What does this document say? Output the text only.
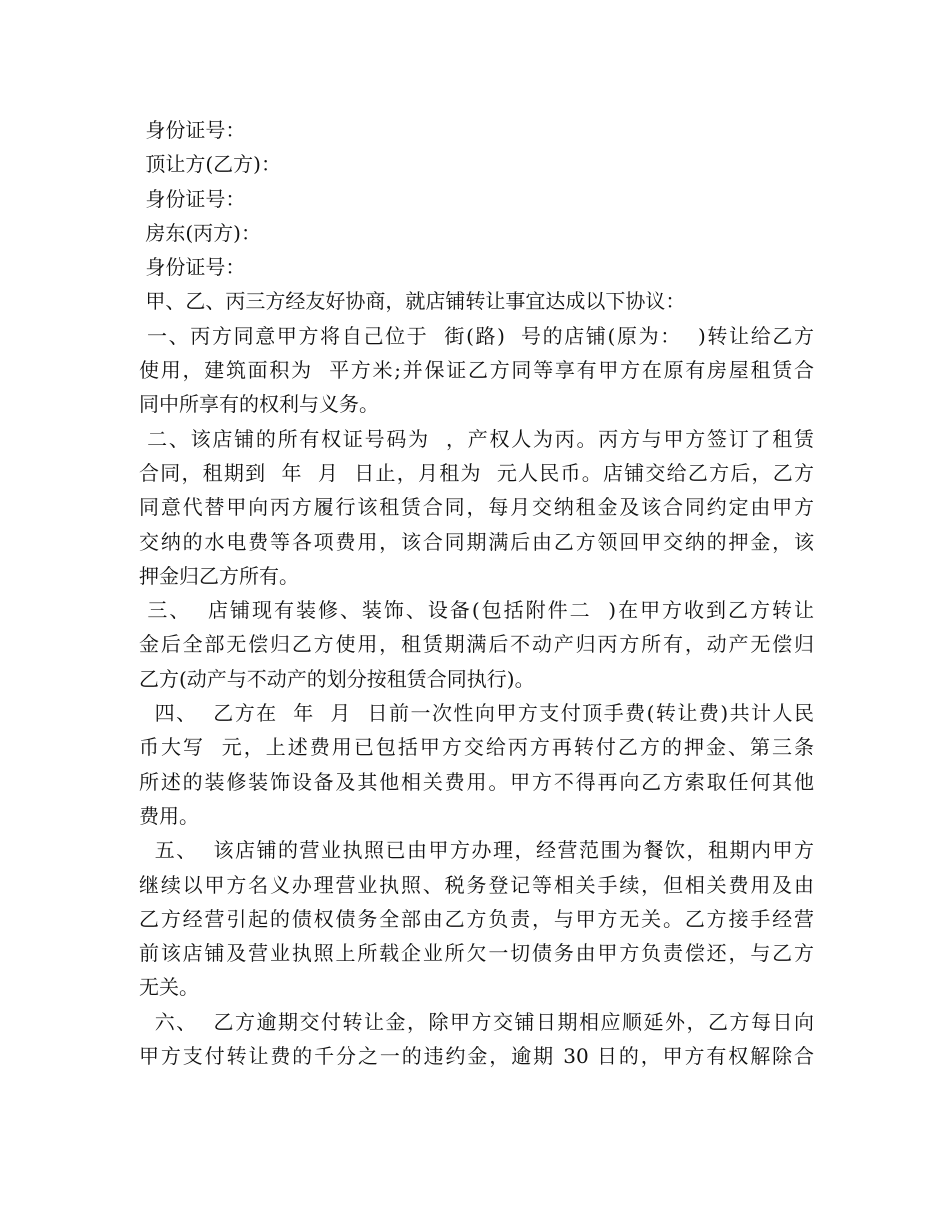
身份证号：
顶让方(乙方)：
身份证号：
房东(丙方)：
身份证号：
甲、乙、丙三方经友好协商，就店铺转让事宜达成以下协议：
一、丙方同意甲方将自己位于  街(路)  号的店铺(原为：  )转让给乙方
使用，建筑面积为  平方米;并保证乙方同等享有甲方在原有房屋租赁合
同中所享有的权利与义务。
二、该店铺的所有权证号码为  ，产权人为丙。丙方与甲方签订了租赁
合同，租期到  年  月  日止，月租为  元人民币。店铺交给乙方后，乙方
同意代替甲向丙方履行该租赁合同，每月交纳租金及该合同约定由甲方
交纳的水电费等各项费用，该合同期满后由乙方领回甲交纳的押金，该
押金归乙方所有。
三、  店铺现有装修、装饰、设备(包括附件二  )在甲方收到乙方转让
金后全部无偿归乙方使用，租赁期满后不动产归丙方所有，动产无偿归
乙方(动产与不动产的划分按租赁合同执行)。
四、  乙方在  年  月  日前一次性向甲方支付顶手费(转让费)共计人民
币大写  元，上述费用已包括甲方交给丙方再转付乙方的押金、第三条
所述的装修装饰设备及其他相关费用。甲方不得再向乙方索取任何其他
费用。
五、  该店铺的营业执照已由甲方办理，经营范围为餐饮，租期内甲方
继续以甲方名义办理营业执照、税务登记等相关手续，但相关费用及由
乙方经营引起的债权债务全部由乙方负责，与甲方无关。乙方接手经营
前该店铺及营业执照上所载企业所欠一切债务由甲方负责偿还，与乙方
无关。
六、  乙方逾期交付转让金，除甲方交铺日期相应顺延外，乙方每日向
甲方支付转让费的千分之一的违约金，逾期 30 日的，甲方有权解除合
